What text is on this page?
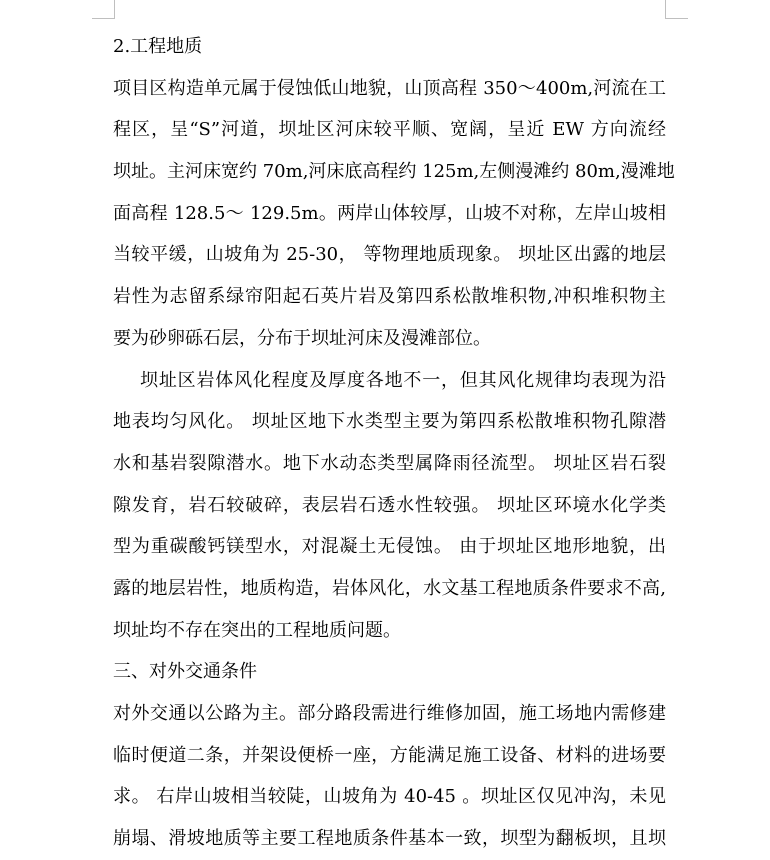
2.工程地质
项目区构造单元属于侵蚀低山地貌，山顶高程 350～400m,河流在工
程区，呈“S”河道，坝址区河床较平顺、宽阔，呈近 EW 方向流经
坝址。主河床宽约 70m,河床底高程约 125m,左侧漫滩约 80m,漫滩地
面高程 128.5～ 129.5m。两岸山体较厚，山坡不对称，左岸山坡相
当较平缓，山坡角为 25-30， 等物理地质现象。 坝址区出露的地层
岩性为志留系绿帘阳起石英片岩及第四系松散堆积物,冲积堆积物主
要为砂卵砾石层，分布于坝址河床及漫滩部位。
坝址区岩体风化程度及厚度各地不一，但其风化规律均表现为沿
地表均匀风化。 坝址区地下水类型主要为第四系松散堆积物孔隙潜
水和基岩裂隙潜水。地下水动态类型属降雨径流型。 坝址区岩石裂
隙发育，岩石较破碎，表层岩石透水性较强。 坝址区环境水化学类
型为重碳酸钙镁型水，对混凝土无侵蚀。 由于坝址区地形地貌，出
露的地层岩性，地质构造，岩体风化，水文基工程地质条件要求不高,
坝址均不存在突出的工程地质问题。
三、对外交通条件
对外交通以公路为主。部分路段需进行维修加固，施工场地内需修建
临时便道二条，并架设便桥一座，方能满足施工设备、材料的进场要
求。 右岸山坡相当较陡，山坡角为 40-45 。坝址区仅见冲沟，未见
崩塌、滑坡地质等主要工程地质条件基本一致，坝型为翻板坝，且坝
